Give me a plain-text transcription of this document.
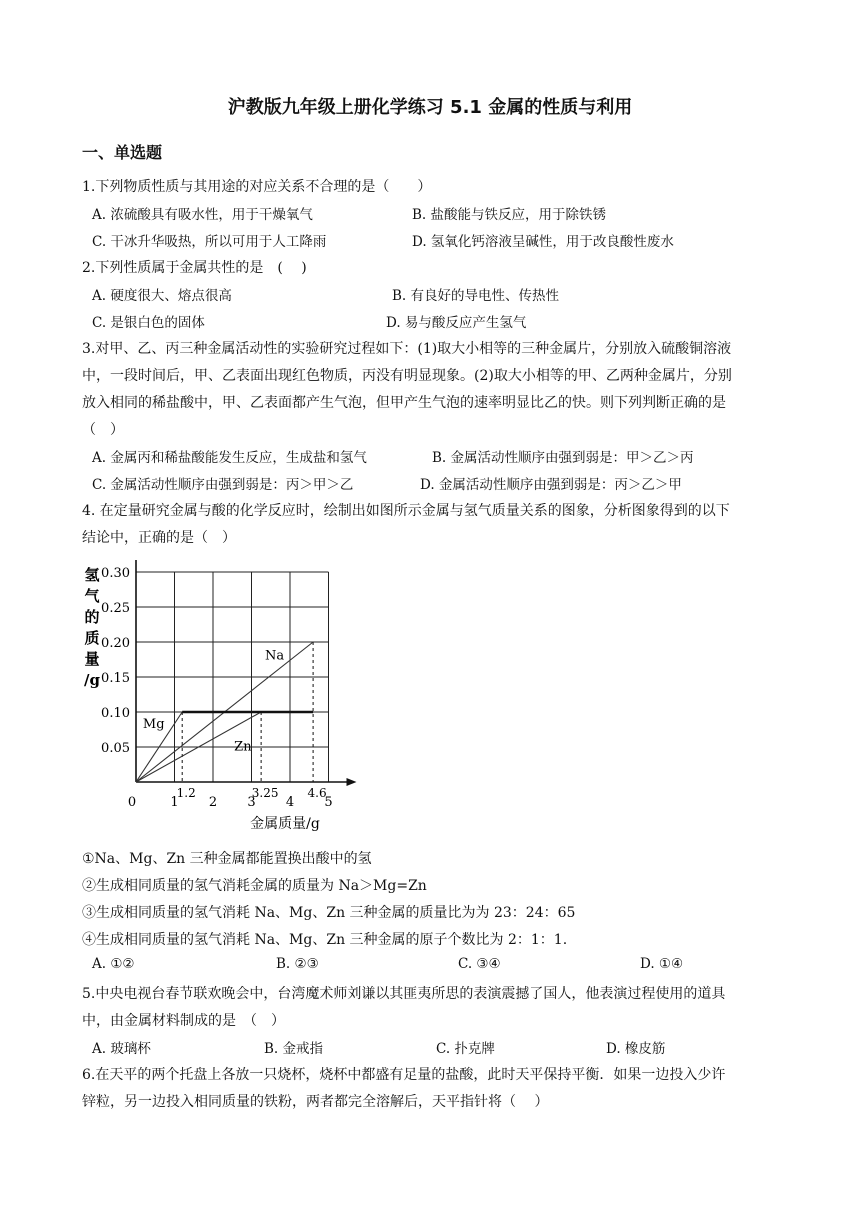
沪教版九年级上册化学练习 5.1 金属的性质与利用
一、单选题
1.下列物质性质与其用途的对应关系不合理的是（　　）
A. 浓硫酸具有吸水性，用于干燥氧气	B. 盐酸能与铁反应，用于除铁锈
C. 干冰升华吸热，所以可用于人工降雨	D. 氢氧化钙溶液呈碱性，用于改良酸性废水
2.下列性质属于金属共性的是　(　 )
A. 硬度很大、熔点很高	B. 有良好的导电性、传热性
C. 是银白色的固体	D. 易与酸反应产生氢气
3.对甲、乙、丙三种金属活动性的实验研究过程如下：(1)取大小相等的三种金属片，分别放入硫酸铜溶液
中，一段时间后，甲、乙表面出现红色物质，丙没有明显现象。(2)取大小相等的甲、乙两种金属片，分别
放入相同的稀盐酸中，甲、乙表面都产生气泡，但甲产生气泡的速率明显比乙的快。则下列判断正确的是
（　）
A. 金属丙和稀盐酸能发生反应，生成盐和氢气	B. 金属活动性顺序由强到弱是：甲＞乙＞丙
C. 金属活动性顺序由强到弱是：丙＞甲＞乙	D. 金属活动性顺序由强到弱是：丙＞乙＞甲
4. 在定量研究金属与酸的化学反应时，绘制出如图所示金属与氢气质量关系的图象，分析图象得到的以下
结论中，正确的是（　）
0.05
0.10
0.15
0.20
0.25
0.30
0	1 2 3 4 5
1.2	3.25 4.6
Mg
Zn
Na
氢
气
的
质
量
/g
金属质量/g
①Na、Mg、Zn 三种金属都能置换出酸中的氢
②生成相同质量的氢气消耗金属的质量为 Na＞Mg=Zn
③生成相同质量的氢气消耗 Na、Mg、Zn 三种金属的质量比为为 23：24：65
④生成相同质量的氢气消耗 Na、Mg、Zn 三种金属的原子个数比为 2：1：1.
A. ①②	B. ②③	C. ③④	D. ①④
5.中央电视台春节联欢晚会中，台湾魔术师刘谦以其匪夷所思的表演震撼了国人，他表演过程使用的道具
中，由金属材料制成的是　（　）
A. 玻璃杯	B. 金戒指	C. 扑克牌	D. 橡皮筋
6.在天平的两个托盘上各放一只烧杯，烧杯中都盛有足量的盐酸，此时天平保持平衡．如果一边投入少许
锌粒，另一边投入相同质量的铁粉，两者都完全溶解后，天平指针将（　 ）
